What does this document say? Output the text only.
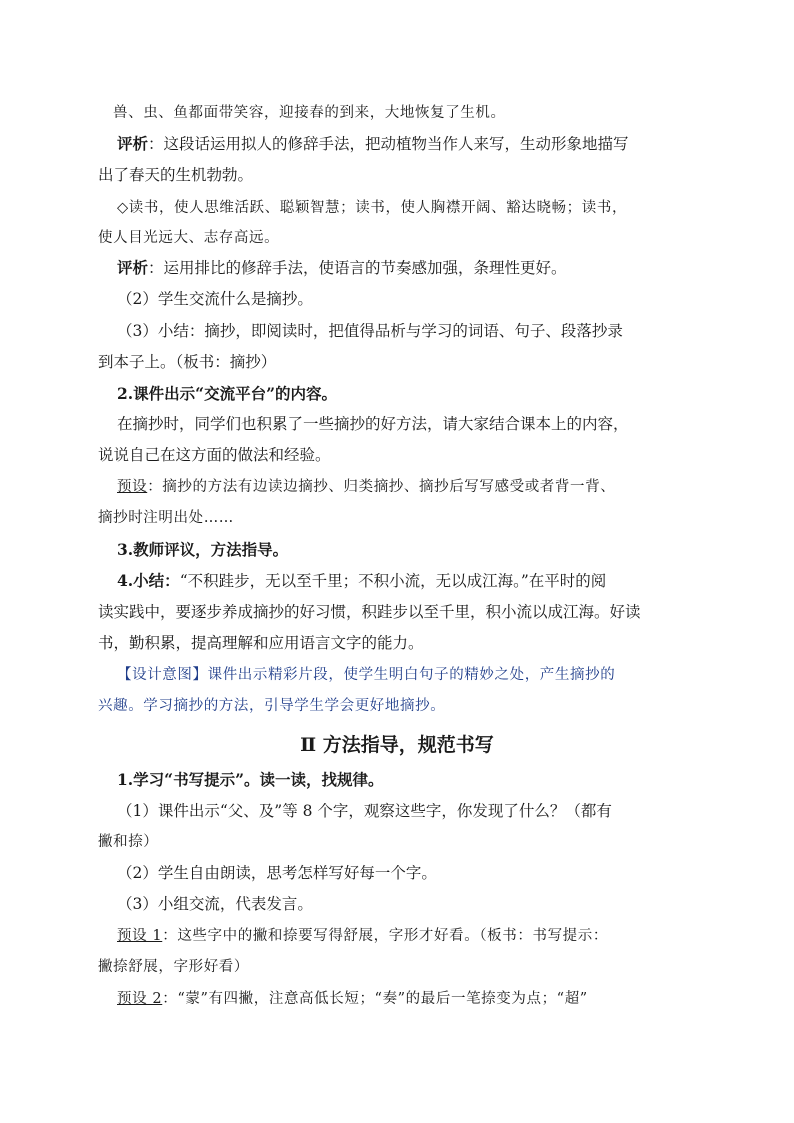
兽、虫、鱼都面带笑容，迎接春的到来，大地恢复了生机。

评析：这段话运用拟人的修辞手法，把动植物当作人来写，生动形象地描写

出了春天的生机勃勃。

◇读书，使人思维活跃、聪颖智慧；读书，使人胸襟开阔、豁达晓畅；读书，

使人目光远大、志存高远。

评析：运用排比的修辞手法，使语言的节奏感加强，条理性更好。

（2）学生交流什么是摘抄。

（3）小结：摘抄，即阅读时，把值得品析与学习的词语、句子、段落抄录

到本子上。（板书：摘抄）

2.课件出示“交流平台”的内容。

在摘抄时，同学们也积累了一些摘抄的好方法，请大家结合课本上的内容，

说说自己在这方面的做法和经验。

预设：摘抄的方法有边读边摘抄、归类摘抄、摘抄后写写感受或者背一背、

摘抄时注明出处……

3.教师评议，方法指导。

4.小结：“不积跬步，无以至千里；不积小流，无以成江海。”在平时的阅

读实践中，要逐步养成摘抄的好习惯，积跬步以至千里，积小流以成江海。好读

书，勤积累，提高理解和应用语言文字的能力。

【设计意图】课件出示精彩片段，使学生明白句子的精妙之处，产生摘抄的

兴趣。学习摘抄的方法，引导学生学会更好地摘抄。

Ⅱ 方法指导，规范书写

1.学习“书写提示”。读一读，找规律。

（1）课件出示“父、及”等 8 个字，观察这些字，你发现了什么？（都有

撇和捺）

（2）学生自由朗读，思考怎样写好每一个字。

（3）小组交流，代表发言。

预设 1：这些字中的撇和捺要写得舒展，字形才好看。（板书：书写提示：

撇捺舒展，字形好看）

预设 2：“蒙”有四撇，注意高低长短；“奏”的最后一笔捺变为点；“超”
